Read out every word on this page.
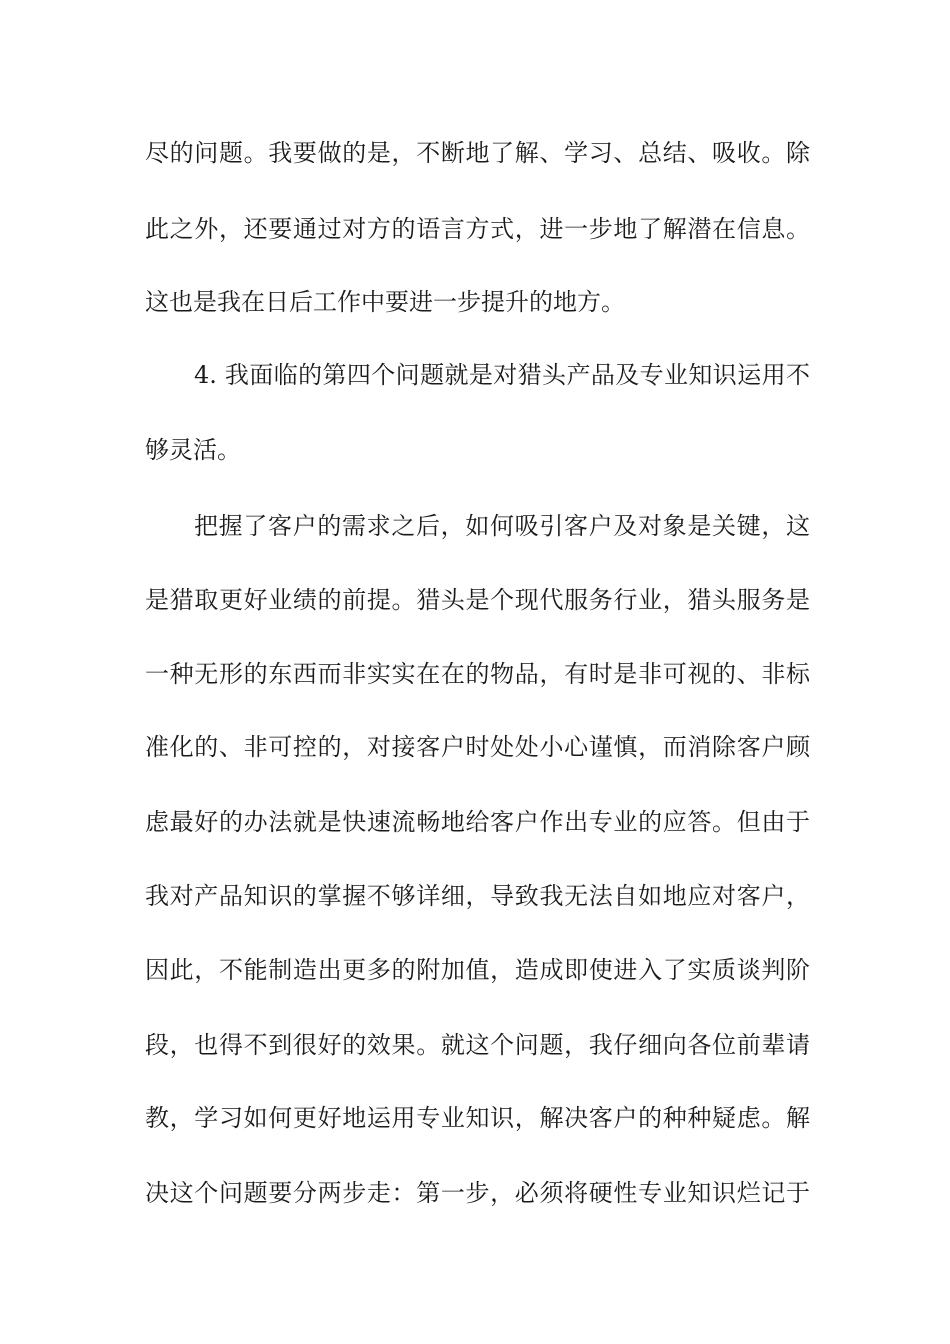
尽的问题。我要做的是，不断地了解、学习、总结、吸收。除
此之外，还要通过对方的语言方式，进一步地了解潜在信息。
这也是我在日后工作中要进一步提升的地方。
4. 我面临的第四个问题就是对猎头产品及专业知识运用不
够灵活。
把握了客户的需求之后，如何吸引客户及对象是关键，这
是猎取更好业绩的前提。猎头是个现代服务行业，猎头服务是
一种无形的东西而非实实在在的物品，有时是非可视的、非标
准化的、非可控的，对接客户时处处小心谨慎，而消除客户顾
虑最好的办法就是快速流畅地给客户作出专业的应答。但由于
我对产品知识的掌握不够详细，导致我无法自如地应对客户，
因此，不能制造出更多的附加值，造成即使进入了实质谈判阶
段，也得不到很好的效果。就这个问题，我仔细向各位前辈请
教，学习如何更好地运用专业知识，解决客户的种种疑虑。解
决这个问题要分两步走：第一步，必须将硬性专业知识烂记于
